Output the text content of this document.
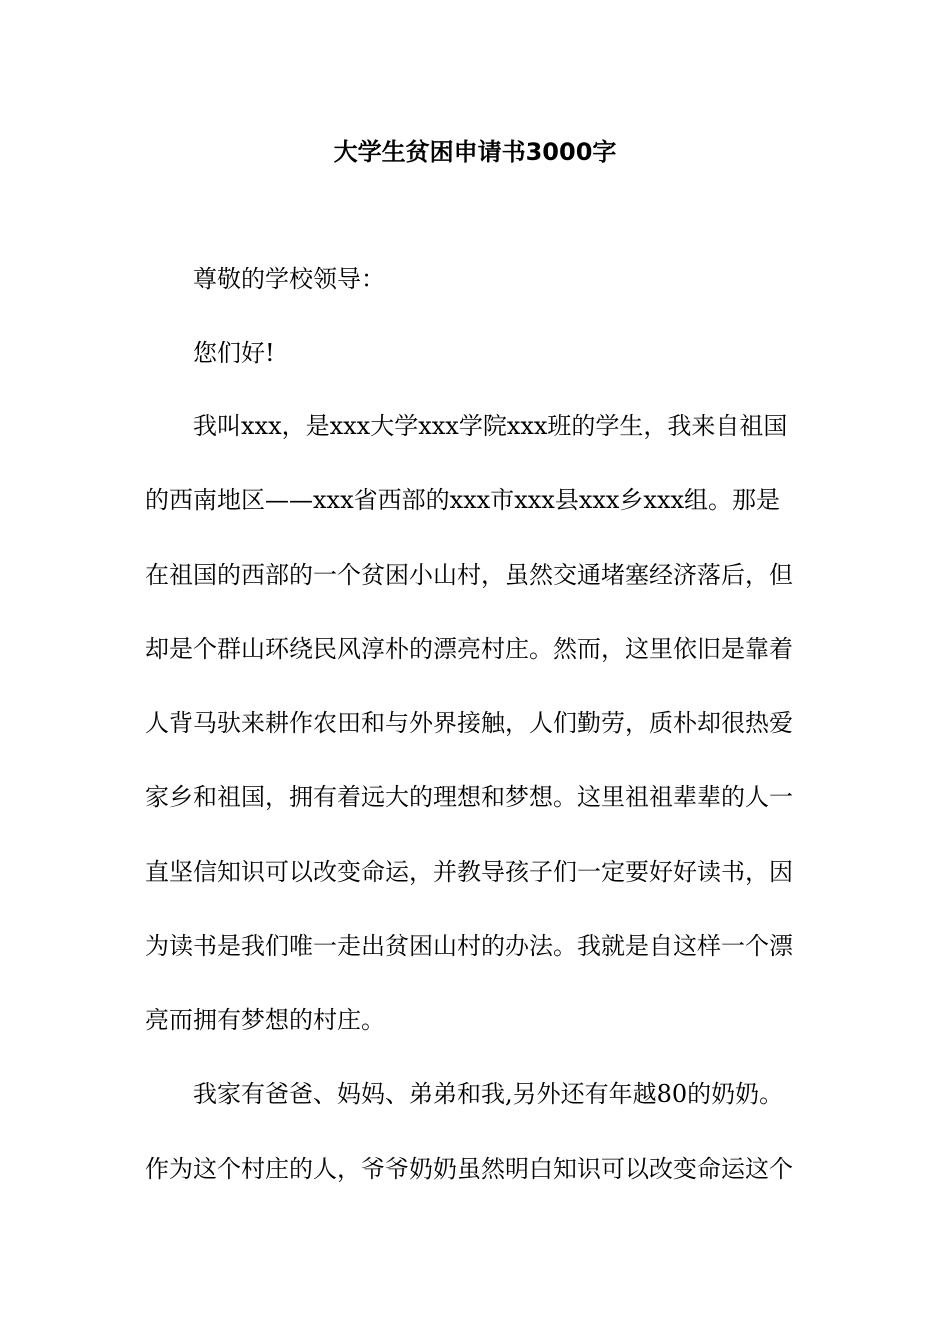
大学生贫困申请书3000字
尊敬的学校领导：
您们好!
我叫xxx，是xxx大学xxx学院xxx班的学生，我来自祖国
的西南地区——xxx省西部的xxx市xxx县xxx乡xxx组。那是
在祖国的西部的一个贫困小山村，虽然交通堵塞经济落后，但
却是个群山环绕民风淳朴的漂亮村庄。然而，这里依旧是靠着
人背马驮来耕作农田和与外界接触，人们勤劳，质朴却很热爱
家乡和祖国，拥有着远大的理想和梦想。这里祖祖辈辈的人一
直坚信知识可以改变命运，并教导孩子们一定要好好读书，因
为读书是我们唯一走出贫困山村的办法。我就是自这样一个漂
亮而拥有梦想的村庄。
我家有爸爸、妈妈、弟弟和我,另外还有年越80的奶奶。
作为这个村庄的人，爷爷奶奶虽然明白知识可以改变命运这个
